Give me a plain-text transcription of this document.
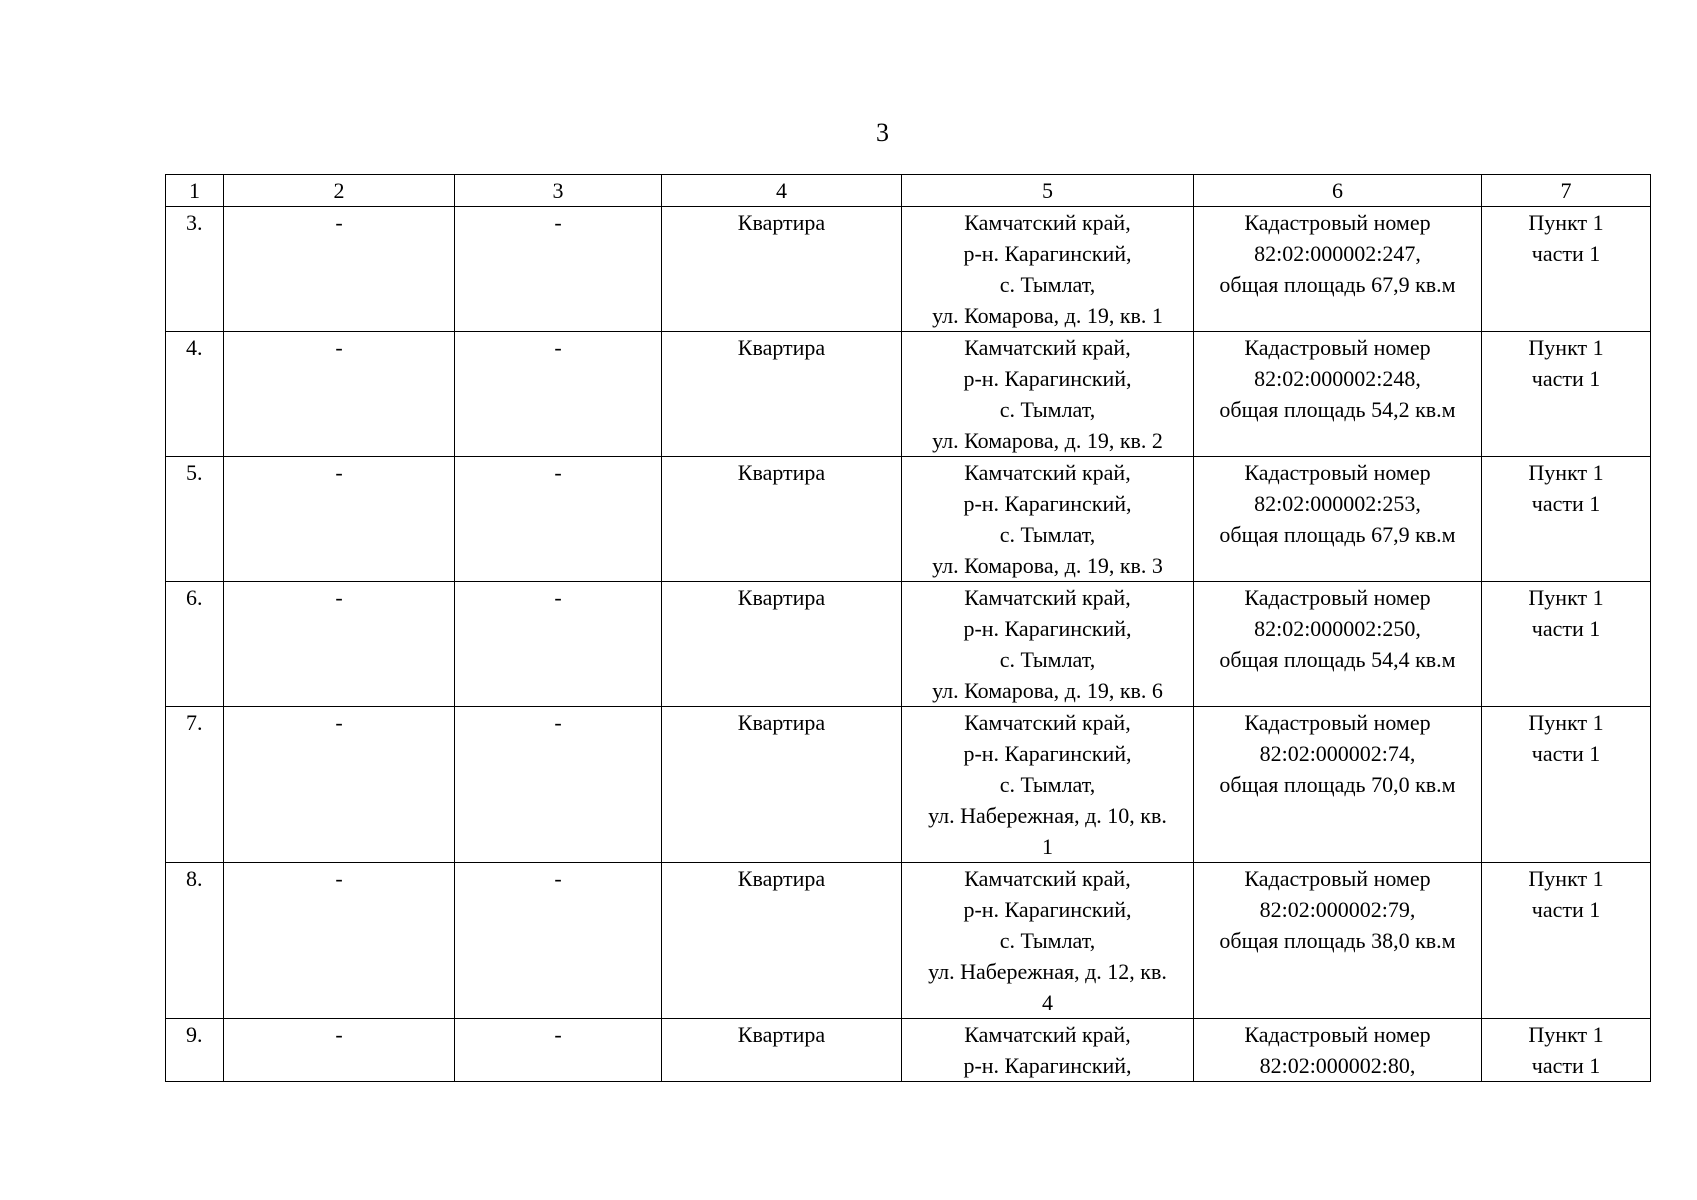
3
1	2	3	4	5	6	7
3.	-	-	Квартира	Камчатский край,
р-н. Карагинский,
с. Тымлат,
ул. Комарова, д. 19, кв. 1	Кадастровый номер
82:02:000002:247,
общая площадь 67,9 кв.м	Пункт 1
части 1

4.	-	-	Квартира	Камчатский край,
р-н. Карагинский,
с. Тымлат,
ул. Комарова, д. 19, кв. 2	Кадастровый номер
82:02:000002:248,
общая площадь 54,2 кв.м	Пункт 1
части 1

5.	-	-	Квартира	Камчатский край,
р-н. Карагинский,
с. Тымлат,
ул. Комарова, д. 19, кв. 3	Кадастровый номер
82:02:000002:253,
общая площадь 67,9 кв.м	Пункт 1
части 1

6.	-	-	Квартира	Камчатский край,
р-н. Карагинский,
с. Тымлат,
ул. Комарова, д. 19, кв. 6	Кадастровый номер
82:02:000002:250,
общая площадь 54,4 кв.м	Пункт 1
части 1

7.	-	-	Квартира	Камчатский край,
р-н. Карагинский,
с. Тымлат,
ул. Набережная, д. 10, кв.
1	Кадастровый номер
82:02:000002:74,
общая площадь 70,0 кв.м	Пункт 1
части 1

8.	-	-	Квартира	Камчатский край,
р-н. Карагинский,
с. Тымлат,
ул. Набережная, д. 12, кв.
4	Кадастровый номер
82:02:000002:79,
общая площадь 38,0 кв.м	Пункт 1
части 1

9.	-	-	Квартира	Камчатский край,
р-н. Карагинский,	Кадастровый номер
82:02:000002:80,	Пункт 1
части 1
